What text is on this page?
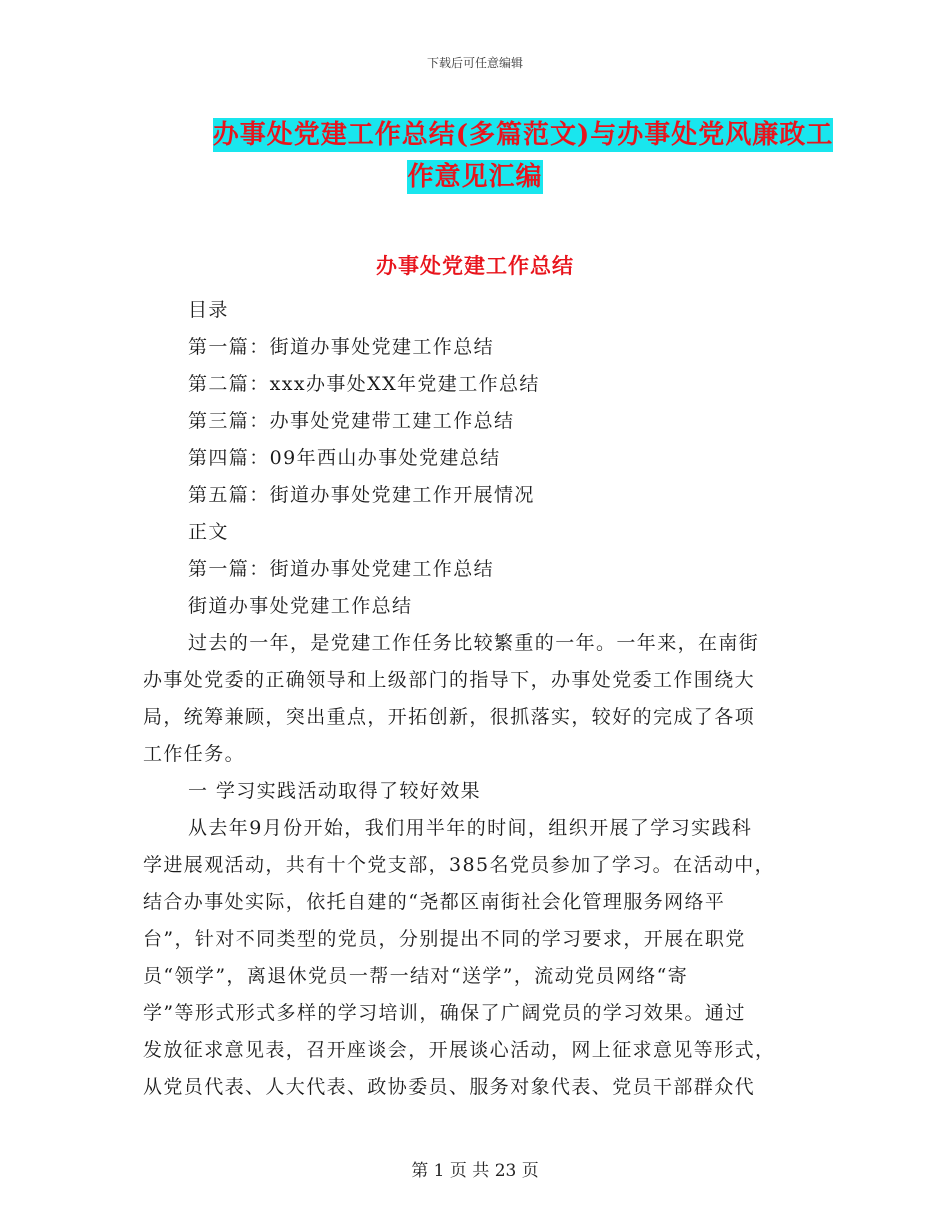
下载后可任意编辑
办事处党建工作总结(多篇范文)与办事处党风廉政工
作意见汇编
办事处党建工作总结
目录
第一篇：街道办事处党建工作总结
第二篇：xxx办事处XX年党建工作总结
第三篇：办事处党建带工建工作总结
第四篇：09年西山办事处党建总结
第五篇：街道办事处党建工作开展情况
正文
第一篇：街道办事处党建工作总结
街道办事处党建工作总结
过去的一年，是党建工作任务比较繁重的一年。一年来，在南街
办事处党委的正确领导和上级部门的指导下，办事处党委工作围绕大
局，统筹兼顾，突出重点，开拓创新，很抓落实，较好的完成了各项
工作任务。
一 学习实践活动取得了较好效果
从去年9月份开始，我们用半年的时间，组织开展了学习实践科
学进展观活动，共有十个党支部，385名党员参加了学习。在活动中，
结合办事处实际，依托自建的“尧都区南街社会化管理服务网络平
台”，针对不同类型的党员，分别提出不同的学习要求，开展在职党
员“领学”，离退休党员一帮一结对“送学”，流动党员网络“寄
学”等形式形式多样的学习培训，确保了广阔党员的学习效果。通过
发放征求意见表，召开座谈会，开展谈心活动，网上征求意见等形式，
从党员代表、人大代表、政协委员、服务对象代表、党员干部群众代
第 1 页 共 23 页
